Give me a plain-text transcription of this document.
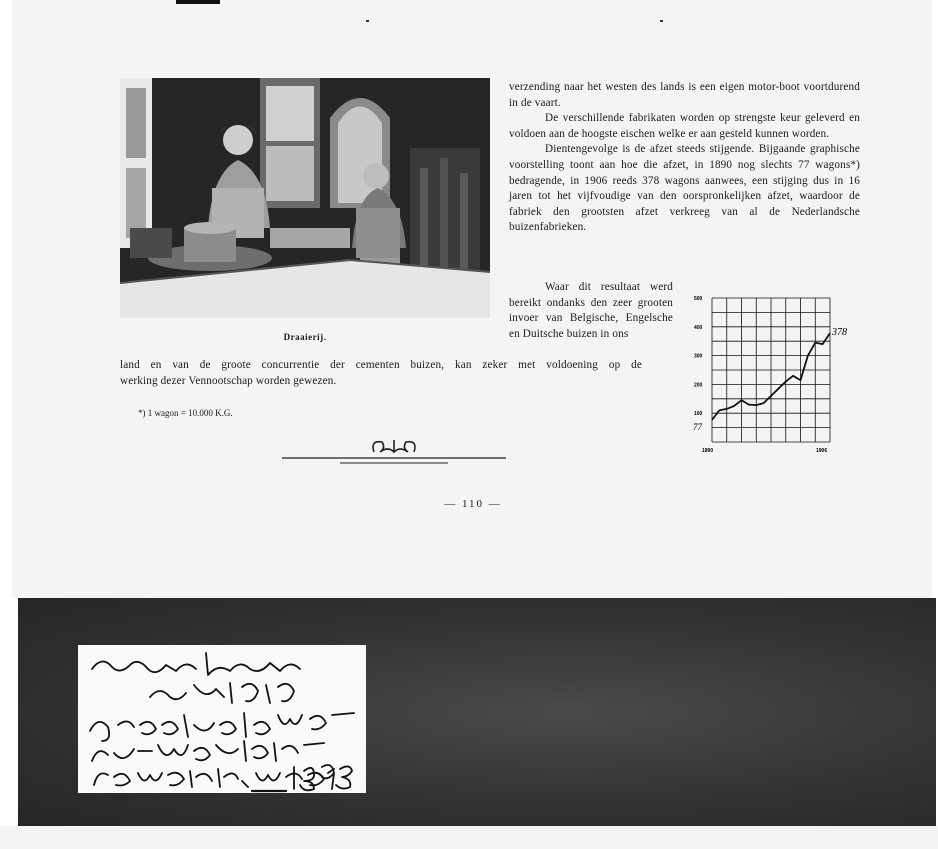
Draaierij.

verzending naar het westen des lands is een eigen motor-boot voortdurend in de vaart.

De verschillende fabrikaten worden op strengste keur geleverd en voldoen aan de hoogste eischen welke er aan gesteld kunnen worden.

Dientengevolge is de afzet steeds stijgende. Bijgaande graphische voorstelling toont aan hoe die afzet, in 1890 nog slechts 77 wagons*) bedragende, in 1906 reeds 378 wagons aanwees, een stijging dus in 16 jaren tot het vijfvoudige van den oorspronkelijken afzet, waardoor de fabriek den grootsten afzet verkreeg van al de Nederlandsche buizenfabrieken.

Waar dit resultaat werd bereikt ondanks den zeer grooten invoer van Belgische, Engelsche en Duitsche buizen in ons

land en van de groote concurrentie der cementen buizen, kan zeker met voldoening op de
werking dezer Vennootschap worden gewezen.
*) 1 wagon = 10.000 K.G.
— 110 —
100
200
300
400
500
1890	1906
77
378
